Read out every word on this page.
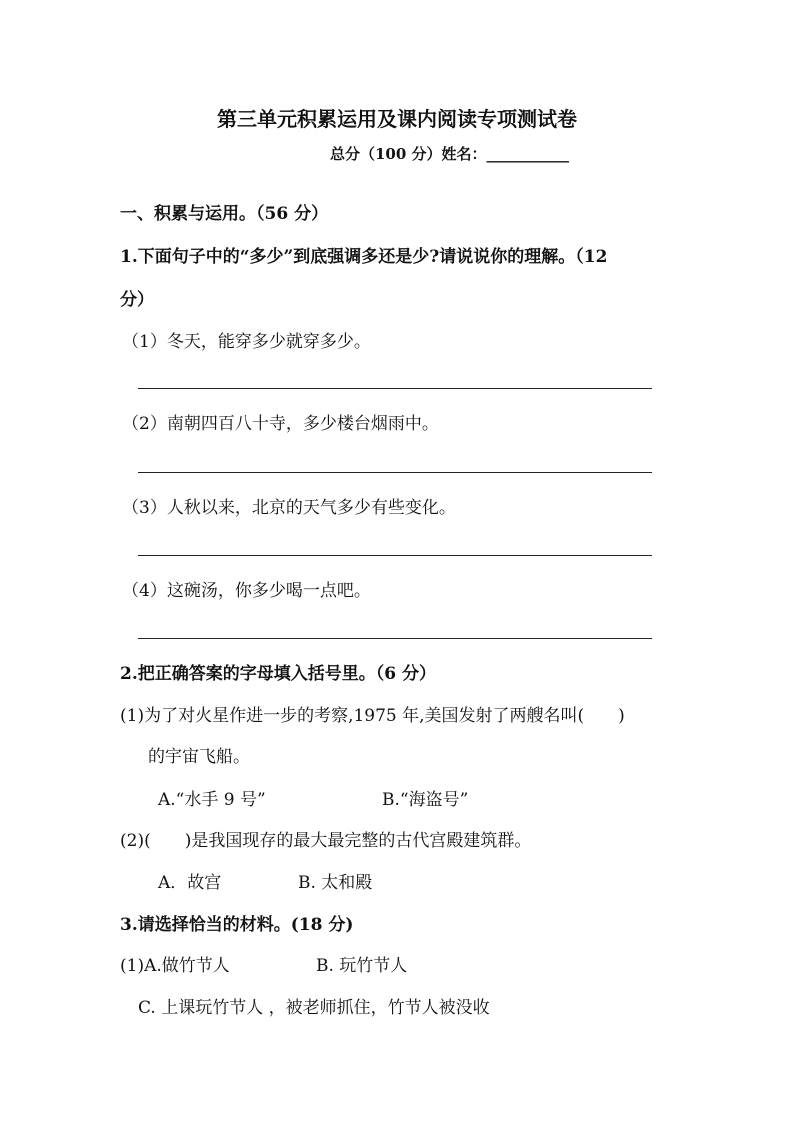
第三单元积累运用及课内阅读专项测试卷
总分（100 分）姓名：___________
一、积累与运用。（56 分）
1.下面句子中的“多少”到底强调多还是少?请说说你的理解。（12
分）
（1）冬天，能穿多少就穿多少。
（2）南朝四百八十寺，多少楼台烟雨中。
（3）人秋以来，北京的天气多少有些变化。
（4）这碗汤，你多少喝一点吧。
2.把正确答案的字母填入括号里。（6 分）
(1)为了对火星作进一步的考察,1975 年,美国发射了两艘名叫(　　)
的宇宙飞船。
A.“水手 9 号”	B.“海盗号”
(2)(　　)是我国现存的最大最完整的古代宫殿建筑群。
A．故宫	B. 太和殿
3.请选择恰当的材料。(18 分)
(1)A.做竹节人	B. 玩竹节人
C. 上课玩竹节人 ，被老师抓住，竹节人被没收
